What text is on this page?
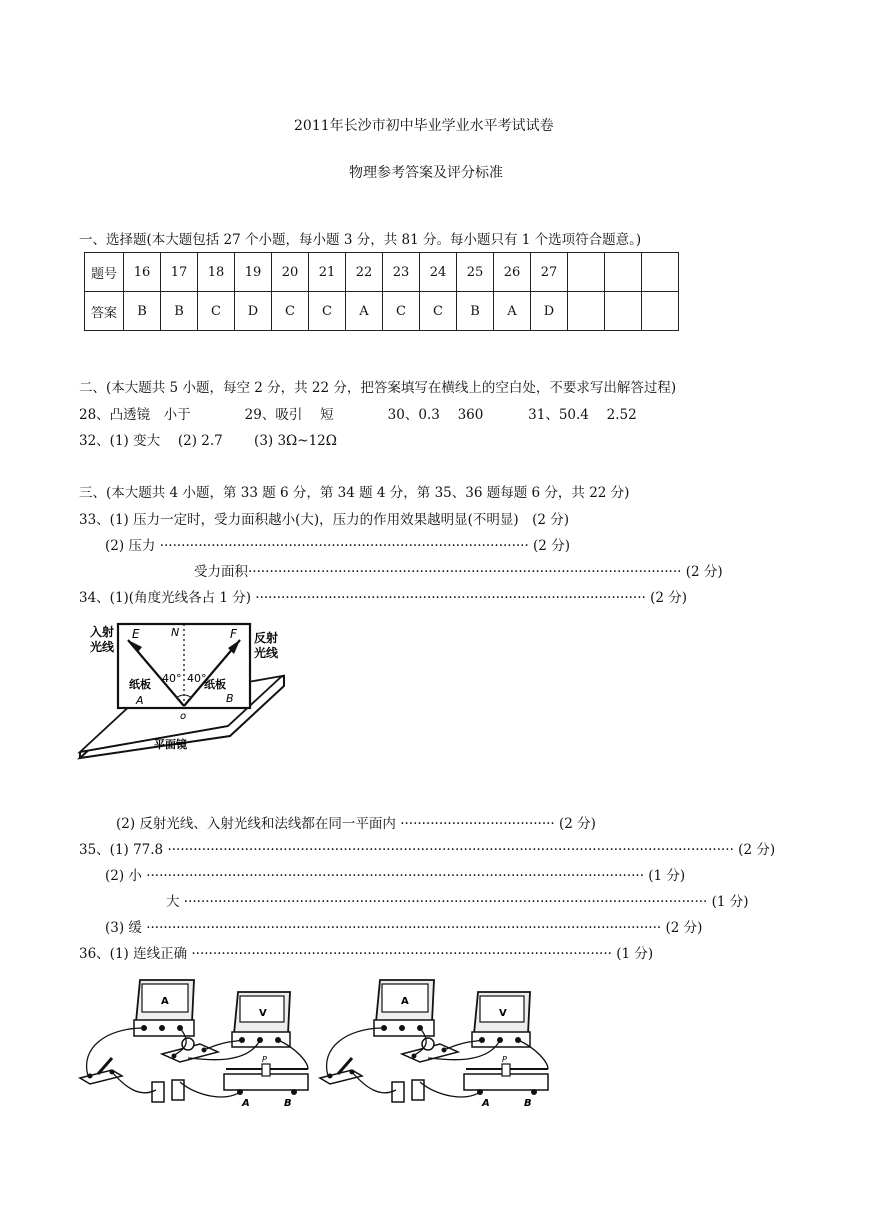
2011年长沙市初中毕业学业水平考试试卷
物理参考答案及评分标准
一、选择题(本大题包括 27 个小题，每小题 3 分，共 81 分。每小题只有 1 个选项符合题意。)
题号	16	17	18	19	20	21	22	23	24	25	26	27			
答案	B	B	C	D	C	C	A	C	C	B	A	D			
二、(本大题共 5 小题，每空 2 分，共 22 分，把答案填写在横线上的空白处，不要求写出解答过程)
28、凸透镜　小于　　　　29、吸引　 短　　　　30、0.3　 360　　　 31、50.4　 2.52
32、(1) 变大　 (2) 2.7　　 (3) 3Ω~12Ω
三、(本大题共 4 小题，第 33 题 6 分，第 34 题 4 分，第 35、36 题每题 6 分，共 22 分)
33、(1) 压力一定时，受力面积越小(大)，压力的作用效果越明显(不明显)　(2 分)
(2) 压力 ······················································································ (2 分)
受力面积····································································································· (2 分)
34、(1)(角度光线各占 1 分) ··························································································· (2 分)
入射
光线
反射
光线
E	N	F
40° 40°
纸板
A
纸板
B
o
平面镜
(2) 反射光线、入射光线和法线都在同一平面内 ···································· (2 分)
35、(1) 77.8 ···································································································································· (2 分)
(2) 小 ···················································································································· (1 分)
大 ·························································································································· (1 分)
(3) 缓 ························································································································ (2 分)
36、(1) 连线正确 ·································································································· (1 分)
A
V
P
A	B
A
V
P
A	B
